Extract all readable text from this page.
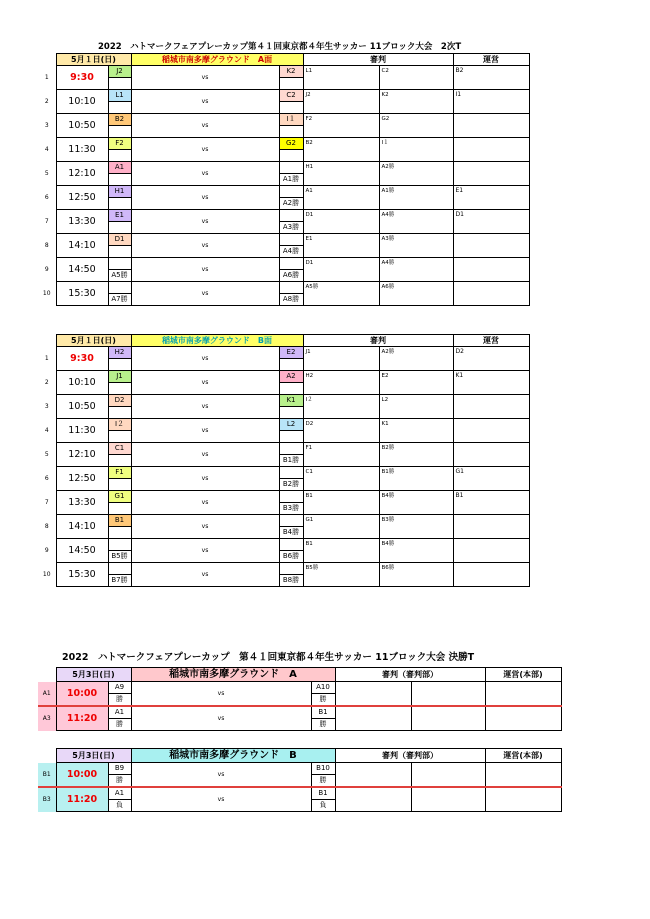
2022　ハトマークフェアプレーカップ第４１回東京都４年生サッカー 11ブロック大会　2次T
	5月１日(日)		稲城市南多摩グラウンド　A面		審判		運営
1	9:30	J2	vs	K2	L1	C2	B2

2	10:10	L1	vs	C2	J2	K2	I1

3	10:50	B2	vs	I１	F2	G2	

4	11:30	F2	vs	G2	B2	I１	

5	12:10	A1	vs		H1	A2勝	
				A1勝			
6	12:50	H1	vs		A1	A1勝	E1
				A2勝			
7	13:30	E1	vs		D1	A4勝	D1
				A3勝			
8	14:10	D1	vs		E1	A3勝	
				A4勝			
9	14:50		vs		D1	A4勝	
		A5勝		A6勝			
10	15:30		vs		A5勝	A6勝	
		A7勝		A8勝			
	5月１日(日)		稲城市南多摩グラウンド　B面		審判		運営
1	9:30	H2	vs	E2	J1	A2勝	D2

2	10:10	J1	vs	A2	H2	E2	K1

3	10:50	D2	vs	K1	I２	L2	

4	11:30	I２	vs	L2	D2	K1	

5	12:10	C1	vs		F1	B2勝	
				B1勝			
6	12:50	F1	vs		C1	B1勝	G1
				B2勝			
7	13:30	G1	vs		B1	B4勝	B1
				B3勝			
8	14:10	B1	vs		G1	B3勝	
				B4勝			
9	14:50		vs		B1	B4勝	
		B5勝		B6勝			
10	15:30		vs		B5勝	B6勝	
		B7勝		B8勝			
2022　ハトマークフェアプレーカップ　第４１回東京都４年生サッカー 11ブロック大会 決勝T
	5月3日(日)		稲城市南多摩グラウンド　A		審判（審判部）		運営(本部)
A1	10:00	A9	vs	A10			
		勝		勝			
A3	11:20	A1	vs	B1			
		勝		勝			
	5月3日(日)		稲城市南多摩グラウンド　B		審判（審判部）		運営(本部)
B1	10:00	B9	vs	B10			
		勝		勝			
B3	11:20	A1	vs	B1			
		負		負			
